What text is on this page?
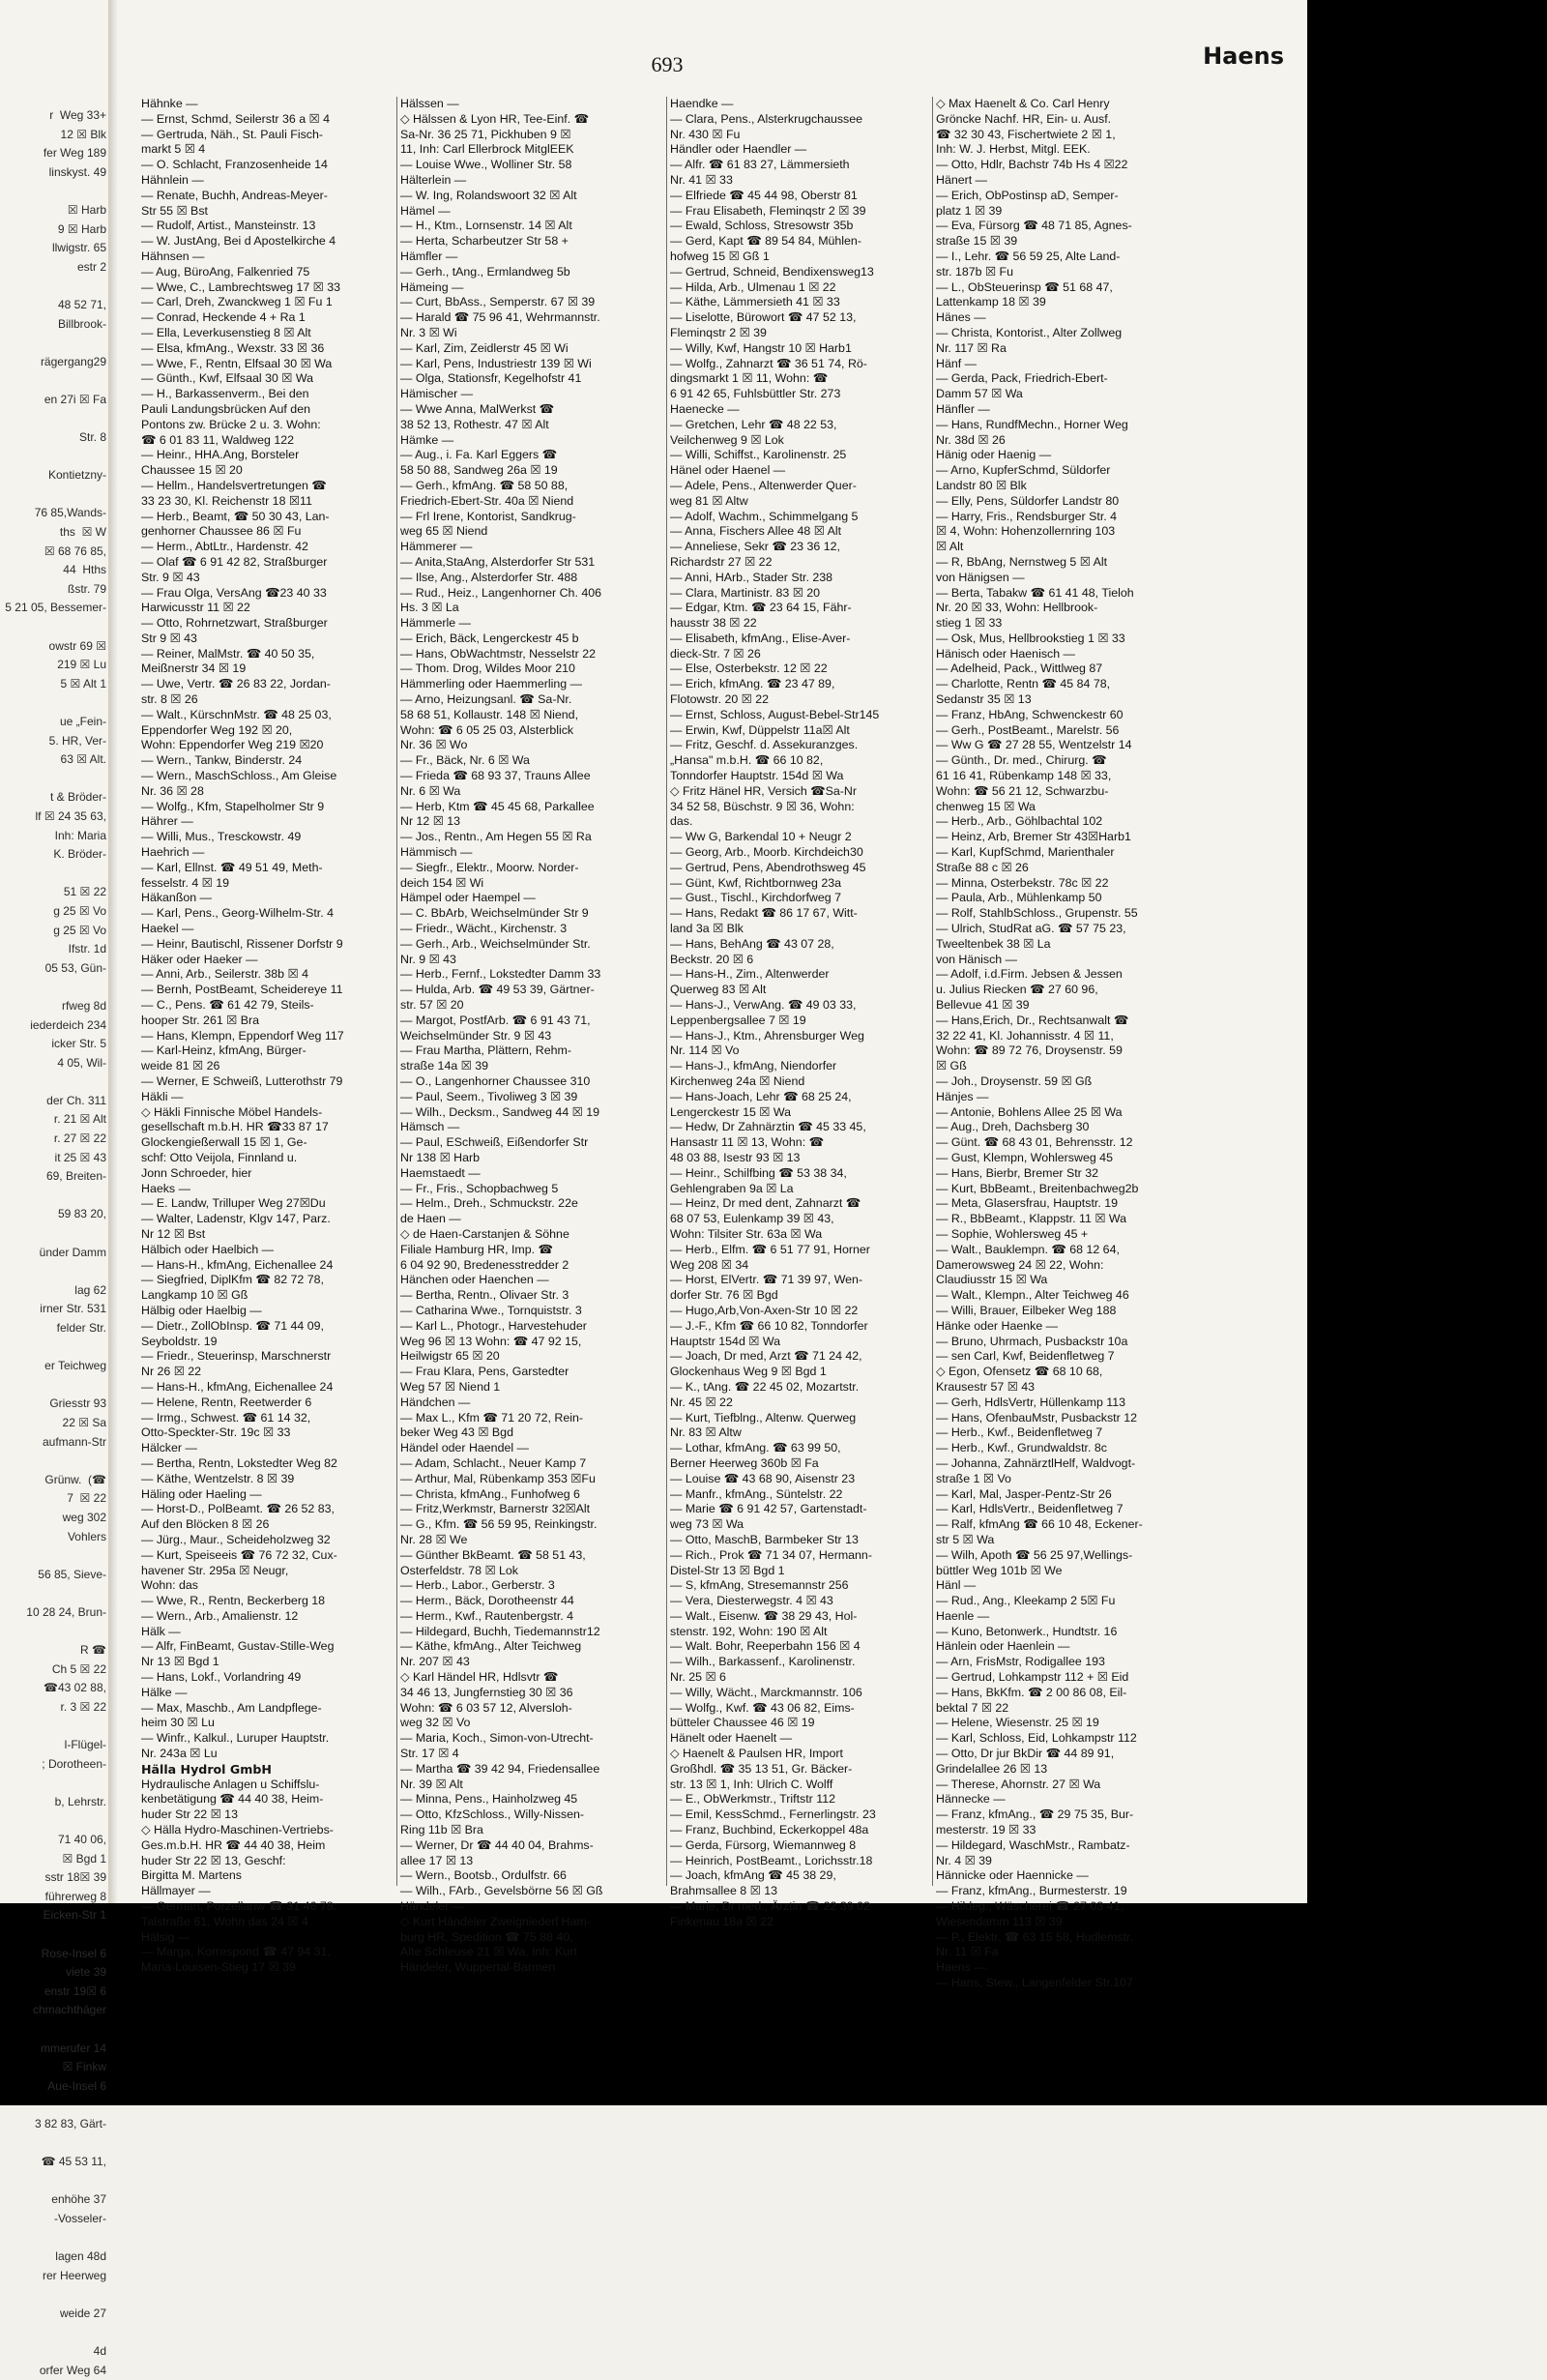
r  Weg 33+
12 ☒ Blk
fer Weg 189
linskyst. 49

☒ Harb
9 ☒ Harb
llwigstr. 65
estr 2

48 52 71,
Billbrook-

rägergang29

en 27i ☒ Fa

Str. 8

Kontietzny-

76 85,Wands-
ths  ☒ W
☒ 68 76 85,
44  Hths
ßstr. 79
5 21 05, Bessemer-

owstr 69 ☒
219 ☒ Lu
5 ☒ Alt 1

ue „Fein-
5. HR, Ver-
63 ☒ Alt.

t & Bröder-
lf ☒ 24 35 63,
Inh: Maria
K. Bröder-

51 ☒ 22
g 25 ☒ Vo
g 25 ☒ Vo
Ifstr. 1d
05 53, Gün-

rfweg 8d
iederdeich 234
icker Str. 5
4 05, Wil-

der Ch. 311
r. 21 ☒ Alt
r. 27 ☒ 22
it 25 ☒ 43
69, Breiten-

59 83 20,

ünder Damm

lag 62
irner Str. 531
felder Str.

er Teichweg

Griesstr 93
22 ☒ Sa
aufmann-Str

Grünw.  (☎
7  ☒ 22
weg 302
Vohlers

56 85, Sieve-

10 28 24, Brun-

R ☎
Ch 5 ☒ 22
☎43 02 88,
r. 3 ☒ 22

l-Flügel-
; Dorotheen-

b, Lehrstr.

71 40 06,
☒ Bgd 1
sstr 18☒ 39
führerweg 8
Eicken-Str 1

Rose-Insel 6
viete 39
enstr 19☒ 6
chmachthäger

mmerufer 14
☒ Finkw
Aue-Insel 6

3 82 83, Gärt-

☎ 45 53 11,

enhöhe 37
-Vosseler-

lagen 48d
rer Heerweg

weide 27

4d
orfer Weg 64
693	Haens
Hähnke —
— Ernst, Schmd, Seilerstr 36 a ☒ 4
— Gertruda, Näh., St. Pauli Fisch-
markt 5 ☒ 4
— O. Schlacht, Franzosenheide 14
Hähnlein —
— Renate, Buchh, Andreas-Meyer-
Str 55 ☒ Bst
— Rudolf, Artist., Mansteinstr. 13
— W. JustAng, Bei d Apostelkirche 4
Hähnsen —
— Aug, BüroAng, Falkenried 75
— Wwe, C., Lambrechtsweg 17 ☒ 33
— Carl, Dreh, Zwanckweg 1 ☒ Fu 1
— Conrad, Heckende 4 + Ra 1
— Ella, Leverkusenstieg 8 ☒ Alt
— Elsa, kfmAng., Wexstr. 33 ☒ 36
— Wwe, F., Rentn, Elfsaal 30 ☒ Wa
— Günth., Kwf, Elfsaal 30 ☒ Wa
— H., Barkassenverm., Bei den
Pauli Landungsbrücken Auf den
Pontons zw. Brücke 2 u. 3. Wohn:
☎ 6 01 83 11, Waldweg 122
— Heinr., HHA.Ang, Borsteler
Chaussee 15 ☒ 20
— Hellm., Handelsvertretungen ☎
33 23 30, Kl. Reichenstr 18 ☒11
— Herb., Beamt, ☎ 50 30 43, Lan-
genhorner Chaussee 86 ☒ Fu
— Herm., AbtLtr., Hardenstr. 42
— Olaf ☎ 6 91 42 82, Straßburger
Str. 9 ☒ 43
— Frau Olga, VersAng ☎23 40 33
Harwicusstr 11 ☒ 22
— Otto, Rohrnetzwart, Straßburger
Str 9 ☒ 43
— Reiner, MalMstr. ☎ 40 50 35,
Meißnerstr 34 ☒ 19
— Uwe, Vertr. ☎ 26 83 22, Jordan-
str. 8 ☒ 26
— Walt., KürschnMstr. ☎ 48 25 03,
Eppendorfer Weg 192 ☒ 20,
Wohn: Eppendorfer Weg 219 ☒20
— Wern., Tankw, Binderstr. 24
— Wern., MaschSchloss., Am Gleise
Nr. 36 ☒ 28
— Wolfg., Kfm, Stapelholmer Str 9
Hährer —
— Willi, Mus., Tresckowstr. 49
Haehrich —
— Karl, Ellnst. ☎ 49 51 49, Meth-
fesselstr. 4 ☒ 19
Häkanßon —
— Karl, Pens., Georg-Wilhelm-Str. 4
Haekel —
— Heinr, Bautischl, Rissener Dorfstr 9
Häker oder Haeker —
— Anni, Arb., Seilerstr. 38b ☒ 4
— Bernh, PostBeamt, Scheidereye 11
— C., Pens. ☎ 61 42 79, Steils-
hooper Str. 261 ☒ Bra
— Hans, Klempn, Eppendorf Weg 117
— Karl-Heinz, kfmAng, Bürger-
weide 81 ☒ 26
— Werner, E Schweiß, Lutterothstr 79
Häkli —
◇ Häkli Finnische Möbel Handels-
gesellschaft m.b.H. HR ☎33 87 17
Glockengießerwall 15 ☒ 1, Ge-
schf: Otto Veijola, Finnland u.
Jonn Schroeder, hier
Haeks —
— E. Landw, Trilluper Weg 27☒Du
— Walter, Ladenstr, Klgv 147, Parz.
Nr 12 ☒ Bst
Hälbich oder Haelbich —
— Hans-H., kfmAng, Eichenallee 24
— Siegfried, DiplKfm ☎ 82 72 78,
Langkamp 10 ☒ Gß
Hälbig oder Haelbig —
— Dietr., ZollObInsp. ☎ 71 44 09,
Seyboldstr. 19
— Friedr., Steuerinsp, Marschnerstr
Nr 26 ☒ 22
— Hans-H., kfmAng, Eichenallee 24
— Helene, Rentn, Reetwerder 6
— Irmg., Schwest. ☎ 61 14 32,
Otto-Speckter-Str. 19c ☒ 33
Hälcker —
— Bertha, Rentn, Lokstedter Weg 82
— Käthe, Wentzelstr. 8 ☒ 39
Häling oder Haeling —
— Horst-D., PolBeamt. ☎ 26 52 83,
Auf den Blöcken 8 ☒ 26
— Jürg., Maur., Scheideholzweg 32
— Kurt, Speiseeis ☎ 76 72 32, Cux-
havener Str. 295a ☒ Neugr,
Wohn: das
— Wwe, R., Rentn, Beckerberg 18
— Wern., Arb., Amalienstr. 12
Hälk —
— Alfr, FinBeamt, Gustav-Stille-Weg
Nr 13 ☒ Bgd 1
— Hans, Lokf., Vorlandring 49
Hälke —
— Max, Maschb., Am Landpflege-
heim 30 ☒ Lu
— Winfr., Kalkul., Luruper Hauptstr.
Nr. 243a ☒ Lu
Hälla Hydrol GmbH
Hydraulische Anlagen u Schiffslu-
kenbetätigung ☎ 44 40 38, Heim-
huder Str 22 ☒ 13
◇ Hälla Hydro-Maschinen-Vertriebs-
Ges.m.b.H. HR ☎ 44 40 38, Heim
huder Str 22 ☒ 13, Geschf:
Birgitta M. Martens
Hällmayer —
— German, Porzellanw ☎ 31 46 78.
Talstraße 61, Wohn das 24 ☒ 4
Hälsig —
— Marga, Korrespond ☎ 47 94 31,
Maria-Louisen-Stieg 17 ☒ 39
Hälssen —
◇ Hälssen & Lyon HR, Tee-Einf. ☎
Sa-Nr. 36 25 71, Pickhuben 9 ☒
11, Inh: Carl Ellerbrock MitglEEK
— Louise Wwe., Wolliner Str. 58
Hälterlein —
— W. Ing, Rolandswoort 32 ☒ Alt
Hämel —
— H., Ktm., Lornsenstr. 14 ☒ Alt
— Herta, Scharbeutzer Str 58 +
Hämfler —
— Gerh., tAng., Ermlandweg 5b
Hämeing —
— Curt, BbAss., Semperstr. 67 ☒ 39
— Harald ☎ 75 96 41, Wehrmannstr.
Nr. 3 ☒ Wi
— Karl, Zim, Zeidlerstr 45 ☒ Wi
— Karl, Pens, Industriestr 139 ☒ Wi
— Olga, Stationsfr, Kegelhofstr 41
Hämischer —
— Wwe Anna, MalWerkst ☎
38 52 13, Rothestr. 47 ☒ Alt
Hämke —
— Aug., i. Fa. Karl Eggers ☎
58 50 88, Sandweg 26a ☒ 19
— Gerh., kfmAng. ☎ 58 50 88,
Friedrich-Ebert-Str. 40a ☒ Niend
— Frl Irene, Kontorist, Sandkrug-
weg 65 ☒ Niend
Hämmerer —
— Anita,StaAng, Alsterdorfer Str 531
— Ilse, Ang., Alsterdorfer Str. 488
— Rud., Heiz., Langenhorner Ch. 406
Hs. 3 ☒ La
Hämmerle —
— Erich, Bäck, Lengerckestr 45 b
— Hans, ObWachtmstr, Nesselstr 22
— Thom. Drog, Wildes Moor 210
Hämmerling oder Haemmerling —
— Arno, Heizungsanl. ☎ Sa-Nr.
58 68 51, Kollaustr. 148 ☒ Niend,
Wohn: ☎ 6 05 25 03, Alsterblick
Nr. 36 ☒ Wo
— Fr., Bäck, Nr. 6 ☒ Wa
— Frieda ☎ 68 93 37, Trauns Allee
Nr. 6 ☒ Wa
— Herb, Ktm ☎ 45 45 68, Parkallee
Nr 12 ☒ 13
— Jos., Rentn., Am Hegen 55 ☒ Ra
Hämmisch —
— Siegfr., Elektr., Moorw. Norder-
deich 154 ☒ Wi
Hämpel oder Haempel —
— C. BbArb, Weichselmünder Str 9
— Friedr., Wächt., Kirchenstr. 3
— Gerh., Arb., Weichselmünder Str.
Nr. 9 ☒ 43
— Herb., Fernf., Lokstedter Damm 33
— Hulda, Arb. ☎ 49 53 39, Gärtner-
str. 57 ☒ 20
— Margot, PostfArb. ☎ 6 91 43 71,
Weichselmünder Str. 9 ☒ 43
— Frau Martha, Plättern, Rehm-
straße 14a ☒ 39
— O., Langenhorner Chaussee 310
— Paul, Seem., Tivoliweg 3 ☒ 39
— Wilh., Decksm., Sandweg 44 ☒ 19
Hämsch —
— Paul, ESchweiß, Eißendorfer Str
Nr 138 ☒ Harb
Haemstaedt —
— Fr., Fris., Schopbachweg 5
— Helm., Dreh., Schmuckstr. 22e
de Haen —
◇ de Haen-Carstanjen & Söhne
Filiale Hamburg HR, Imp. ☎
6 04 92 90, Bredenesstredder 2
Hänchen oder Haenchen —
— Bertha, Rentn., Olivaer Str. 3
— Catharina Wwe., Tornquiststr. 3
— Karl L., Photogr., Harvestehuder
Weg 96 ☒ 13 Wohn: ☎ 47 92 15,
Heilwigstr 65 ☒ 20
— Frau Klara, Pens, Garstedter
Weg 57 ☒ Niend 1
Händchen —
— Max L., Kfm ☎ 71 20 72, Rein-
beker Weg 43 ☒ Bgd
Händel oder Haendel —
— Adam, Schlacht., Neuer Kamp 7
— Arthur, Mal, Rübenkamp 353 ☒Fu
— Christa, kfmAng., Funhofweg 6
— Fritz,Werkmstr, Barnerstr 32☒Alt
— G., Kfm. ☎ 56 59 95, Reinkingstr.
Nr. 28 ☒ We
— Günther BkBeamt. ☎ 58 51 43,
Osterfeldstr. 78 ☒ Lok
— Herb., Labor., Gerberstr. 3
— Herm., Bäck, Dorotheenstr 44
— Herm., Kwf., Rautenbergstr. 4
— Hildegard, Buchh, Tiedemannstr12
— Käthe, kfmAng., Alter Teichweg
Nr. 207 ☒ 43
◇ Karl Händel HR, Hdlsvtr ☎
34 46 13, Jungfernstieg 30 ☒ 36
Wohn: ☎ 6 03 57 12, Alversloh-
weg 32 ☒ Vo
— Maria, Koch., Simon-von-Utrecht-
Str. 17 ☒ 4
— Martha ☎ 39 42 94, Friedensallee
Nr. 39 ☒ Alt
— Minna, Pens., Hainholzweg 45
— Otto, KfzSchloss., Willy-Nissen-
Ring 11b ☒ Bra
— Werner, Dr ☎ 44 40 04, Brahms-
allee 17 ☒ 13
— Wern., Bootsb., Ordulfstr. 66
— Wilh., FArb., Gevelsbörne 56 ☒ Gß
Händeler —
◇ Kurt Händeler Zweigniederl Ham-
burg HR, Spedition ☎ 75 88 40,
Alte Schleuse 21 ☒ Wa, Inh: Kurt
Händeler, Wuppertal-Barmen
Haendke —
— Clara, Pens., Alsterkrugchaussee
Nr. 430 ☒ Fu
Händler oder Haendler —
— Alfr. ☎ 61 83 27, Lämmersieth
Nr. 41 ☒ 33
— Elfriede ☎ 45 44 98, Oberstr 81
— Frau Elisabeth, Fleminqstr 2 ☒ 39
— Ewald, Schloss, Stresowstr 35b
— Gerd, Kapt ☎ 89 54 84, Mühlen-
hofweg 15 ☒ Gß 1
— Gertrud, Schneid, Bendixensweg13
— Hilda, Arb., Ulmenau 1 ☒ 22
— Käthe, Lämmersieth 41 ☒ 33
— Liselotte, Bürowort ☎ 47 52 13,
Fleminqstr 2 ☒ 39
— Willy, Kwf, Hangstr 10 ☒ Harb1
— Wolfg., Zahnarzt ☎ 36 51 74, Rö-
dingsmarkt 1 ☒ 11, Wohn: ☎
6 91 42 65, Fuhlsbüttler Str. 273
Haenecke —
— Gretchen, Lehr ☎ 48 22 53,
Veilchenweg 9 ☒ Lok
— Willi, Schiffst., Karolinenstr. 25
Hänel oder Haenel —
— Adele, Pens., Altenwerder Quer-
weg 81 ☒ Altw
— Adolf, Wachm., Schimmelgang 5
— Anna, Fischers Allee 48 ☒ Alt
— Anneliese, Sekr ☎ 23 36 12,
Richardstr 27 ☒ 22
— Anni, HArb., Stader Str. 238
— Clara, Martinistr. 83 ☒ 20
— Edgar, Ktm. ☎ 23 64 15, Fähr-
hausstr 38 ☒ 22
— Elisabeth, kfmAng., Elise-Aver-
dieck-Str. 7 ☒ 26
— Else, Osterbekstr. 12 ☒ 22
— Erich, kfmAng. ☎ 23 47 89,
Flotowstr. 20 ☒ 22
— Ernst, Schloss, August-Bebel-Str145
— Erwin, Kwf, Düppelstr 11a☒ Alt
— Fritz, Geschf. d. Assekuranzges.
„Hansa" m.b.H. ☎ 66 10 82,
Tonndorfer Hauptstr. 154d ☒ Wa
◇ Fritz Hänel HR, Versich ☎Sa-Nr
34 52 58, Büschstr. 9 ☒ 36, Wohn:
das.
— Ww G, Barkendal 10 + Neugr 2
— Georg, Arb., Moorb. Kirchdeich30
— Gertrud, Pens, Abendrothsweg 45
— Günt, Kwf, Richtbornweg 23a
— Gust., Tischl., Kirchdorfweg 7
— Hans, Redakt ☎ 86 17 67, Witt-
land 3a ☒ Blk
— Hans, BehAng ☎ 43 07 28,
Beckstr. 20 ☒ 6
— Hans-H., Zim., Altenwerder
Querweg 83 ☒ Alt
— Hans-J., VerwAng. ☎ 49 03 33,
Leppenbergsallee 7 ☒ 19
— Hans-J., Ktm., Ahrensburger Weg
Nr. 114 ☒ Vo
— Hans-J., kfmAng, Niendorfer
Kirchenweg 24a ☒ Niend
— Hans-Joach, Lehr ☎ 68 25 24,
Lengerckestr 15 ☒ Wa
— Hedw, Dr Zahnärztin ☎ 45 33 45,
Hansastr 11 ☒ 13, Wohn: ☎
48 03 88, Isestr 93 ☒ 13
— Heinr., Schilfbing ☎ 53 38 34,
Gehlengraben 9a ☒ La
— Heinz, Dr med dent, Zahnarzt ☎
68 07 53, Eulenkamp 39 ☒ 43,
Wohn: Tilsiter Str. 63a ☒ Wa
— Herb., Elfm. ☎ 6 51 77 91, Horner
Weg 208 ☒ 34
— Horst, ElVertr. ☎ 71 39 97, Wen-
dorfer Str. 76 ☒ Bgd
— Hugo,Arb,Von-Axen-Str 10 ☒ 22
— J.-F., Kfm ☎ 66 10 82, Tonndorfer
Hauptstr 154d ☒ Wa
— Joach, Dr med, Arzt ☎ 71 24 42,
Glockenhaus Weg 9 ☒ Bgd 1
— K., tAng. ☎ 22 45 02, Mozartstr.
Nr. 45 ☒ 22
— Kurt, Tiefblng., Altenw. Querweg
Nr. 83 ☒ Altw
— Lothar, kfmAng. ☎ 63 99 50,
Berner Heerweg 360b ☒ Fa
— Louise ☎ 43 68 90, Aisenstr 23
— Manfr., kfmAng., Süntelstr. 22
— Marie ☎ 6 91 42 57, Gartenstadt-
weg 73 ☒ Wa
— Otto, MaschB, Barmbeker Str 13
— Rich., Prok ☎ 71 34 07, Hermann-
Distel-Str 13 ☒ Bgd 1
— S, kfmAng, Stresemannstr 256
— Vera, Diesterwegstr. 4 ☒ 43
— Walt., Eisenw. ☎ 38 29 43, Hol-
stenstr. 192, Wohn: 190 ☒ Alt
— Walt. Bohr, Reeperbahn 156 ☒ 4
— Wilh., Barkassenf., Karolinenstr.
Nr. 25 ☒ 6
— Willy, Wächt., Marckmannstr. 106
— Wolfg., Kwf. ☎ 43 06 82, Eims-
bütteler Chaussee 46 ☒ 19
Hänelt oder Haenelt —
◇ Haenelt & Paulsen HR, Import
Großhdl. ☎ 35 13 51, Gr. Bäcker-
str. 13 ☒ 1, Inh: Ulrich C. Wolff
— E., ObWerkmstr., Triftstr 112
— Emil, KessSchmd., Fernerlingstr. 23
— Franz, Buchbind, Eckerkoppel 48a
— Gerda, Fürsorg, Wiemannweg 8
— Heinrich, PostBeamt., Lorichsstr.18
— Joach, kfmAng ☎ 45 38 29,
Brahmsallee 8 ☒ 13
— Marie, Dr med., Ärztin ☎ 22 39 02
Finkenau 18a ☒ 22
◇ Max Haenelt & Co. Carl Henry
Gröncke Nachf. HR, Ein- u. Ausf.
☎ 32 30 43, Fischertwiete 2 ☒ 1,
Inh: W. J. Herbst, Mitgl. EEK.
— Otto, Hdlr, Bachstr 74b Hs 4 ☒22
Hänert —
— Erich, ObPostinsp aD, Semper-
platz 1 ☒ 39
— Eva, Fürsorg ☎ 48 71 85, Agnes-
straße 15 ☒ 39
— I., Lehr. ☎ 56 59 25, Alte Land-
str. 187b ☒ Fu
— L., ObSteuerinsp ☎ 51 68 47,
Lattenkamp 18 ☒ 39
Hänes —
— Christa, Kontorist., Alter Zollweg
Nr. 117 ☒ Ra
Hänf —
— Gerda, Pack, Friedrich-Ebert-
Damm 57 ☒ Wa
Hänfler —
— Hans, RundfMechn., Horner Weg
Nr. 38d ☒ 26
Hänig oder Haenig —
— Arno, KupferSchmd, Süldorfer
Landstr 80 ☒ Blk
— Elly, Pens, Süldorfer Landstr 80
— Harry, Fris., Rendsburger Str. 4
☒ 4, Wohn: Hohenzollernring 103
☒ Alt
— R, BbAng, Nernstweg 5 ☒ Alt
von Hänigsen —
— Berta, Tabakw ☎ 61 41 48, Tieloh
Nr. 20 ☒ 33, Wohn: Hellbrook-
stieg 1 ☒ 33
— Osk, Mus, Hellbrookstieg 1 ☒ 33
Hänisch oder Haenisch —
— Adelheid, Pack., Wittlweg 87
— Charlotte, Rentn ☎ 45 84 78,
Sedanstr 35 ☒ 13
— Franz, HbAng, Schwenckestr 60
— Gerh., PostBeamt., Marelstr. 56
— Ww G ☎ 27 28 55, Wentzelstr 14
— Günth., Dr. med., Chirurg. ☎
61 16 41, Rübenkamp 148 ☒ 33,
Wohn: ☎ 56 21 12, Schwarzbu-
chenweg 15 ☒ Wa
— Herb., Arb., Göhlbachtal 102
— Heinz, Arb, Bremer Str 43☒Harb1
— Karl, KupfSchmd, Marienthaler
Straße 88 c ☒ 26
— Minna, Osterbekstr. 78c ☒ 22
— Paula, Arb., Mühlenkamp 50
— Rolf, StahlbSchloss., Grupenstr. 55
— Ulrich, StudRat aG. ☎ 57 75 23,
Tweeltenbek 38 ☒ La
von Hänisch —
— Adolf, i.d.Firm. Jebsen & Jessen
u. Julius Riecken ☎ 27 60 96,
Bellevue 41 ☒ 39
— Hans,Erich, Dr., Rechtsanwalt ☎
32 22 41, Kl. Johannisstr. 4 ☒ 11,
Wohn: ☎ 89 72 76, Droysenstr. 59
☒ Gß
— Joh., Droysenstr. 59 ☒ Gß
Hänjes —
— Antonie, Bohlens Allee 25 ☒ Wa
— Aug., Dreh, Dachsberg 30
— Günt. ☎ 68 43 01, Behrensstr. 12
— Gust, Klempn, Wohlersweg 45
— Hans, Bierbr, Bremer Str 32
— Kurt, BbBeamt., Breitenbachweg2b
— Meta, Glasersfrau, Hauptstr. 19
— R., BbBeamt., Klappstr. 11 ☒ Wa
— Sophie, Wohlersweg 45 +
— Walt., Bauklempn. ☎ 68 12 64,
Damerowsweg 24 ☒ 22, Wohn:
Claudiusstr 15 ☒ Wa
— Walt., Klempn., Alter Teichweg 46
— Willi, Brauer, Eilbeker Weg 188
Hänke oder Haenke —
— Bruno, Uhrmach, Pusbackstr 10a
— sen Carl, Kwf, Beidenfletweg 7
◇ Egon, Ofensetz ☎ 68 10 68,
Krausestr 57 ☒ 43
— Gerh, HdlsVertr, Hüllenkamp 113
— Hans, OfenbauMstr, Pusbackstr 12
— Herb., Kwf., Beidenfletweg 7
— Herb., Kwf., Grundwaldstr. 8c
— Johanna, ZahnärztlHelf, Waldvogt-
straße 1 ☒ Vo
— Karl, Mal, Jasper-Pentz-Str 26
— Karl, HdlsVertr., Beidenfletweg 7
— Ralf, kfmAng ☎ 66 10 48, Eckener-
str 5 ☒ Wa
— Wilh, Apoth ☎ 56 25 97,Wellings-
büttler Weg 101b ☒ We
Hänl —
— Rud., Ang., Kleekamp 2 5☒ Fu
Haenle —
— Kuno, Betonwerk., Hundtstr. 16
Hänlein oder Haenlein —
— Arn, FrisMstr, Rodigallee 193
— Gertrud, Lohkampstr 112 + ☒ Eid
— Hans, BkKfm. ☎ 2 00 86 08, Eil-
bektal 7 ☒ 22
— Helene, Wiesenstr. 25 ☒ 19
— Karl, Schloss, Eid, Lohkampstr 112
— Otto, Dr jur BkDir ☎ 44 89 91,
Grindelallee 26 ☒ 13
— Therese, Ahornstr. 27 ☒ Wa
Hännecke —
— Franz, kfmAng., ☎ 29 75 35, Bur-
mesterstr. 19 ☒ 33
— Hildegard, WaschMstr., Rambatz-
Nr. 4 ☒ 39
Hännicke oder Haennicke —
— Franz, kfmAng., Burmesterstr. 19
— Hildeg., Wäscherei ☎ 27 03 41,
Wiesendamm 113 ☒ 39
— P., Elektr. ☎ 63 15 58, Hudlemstr.
Nr. 11 ☒ Fa
Haens —
— Hans, Stew., Langenfelder Str.107
